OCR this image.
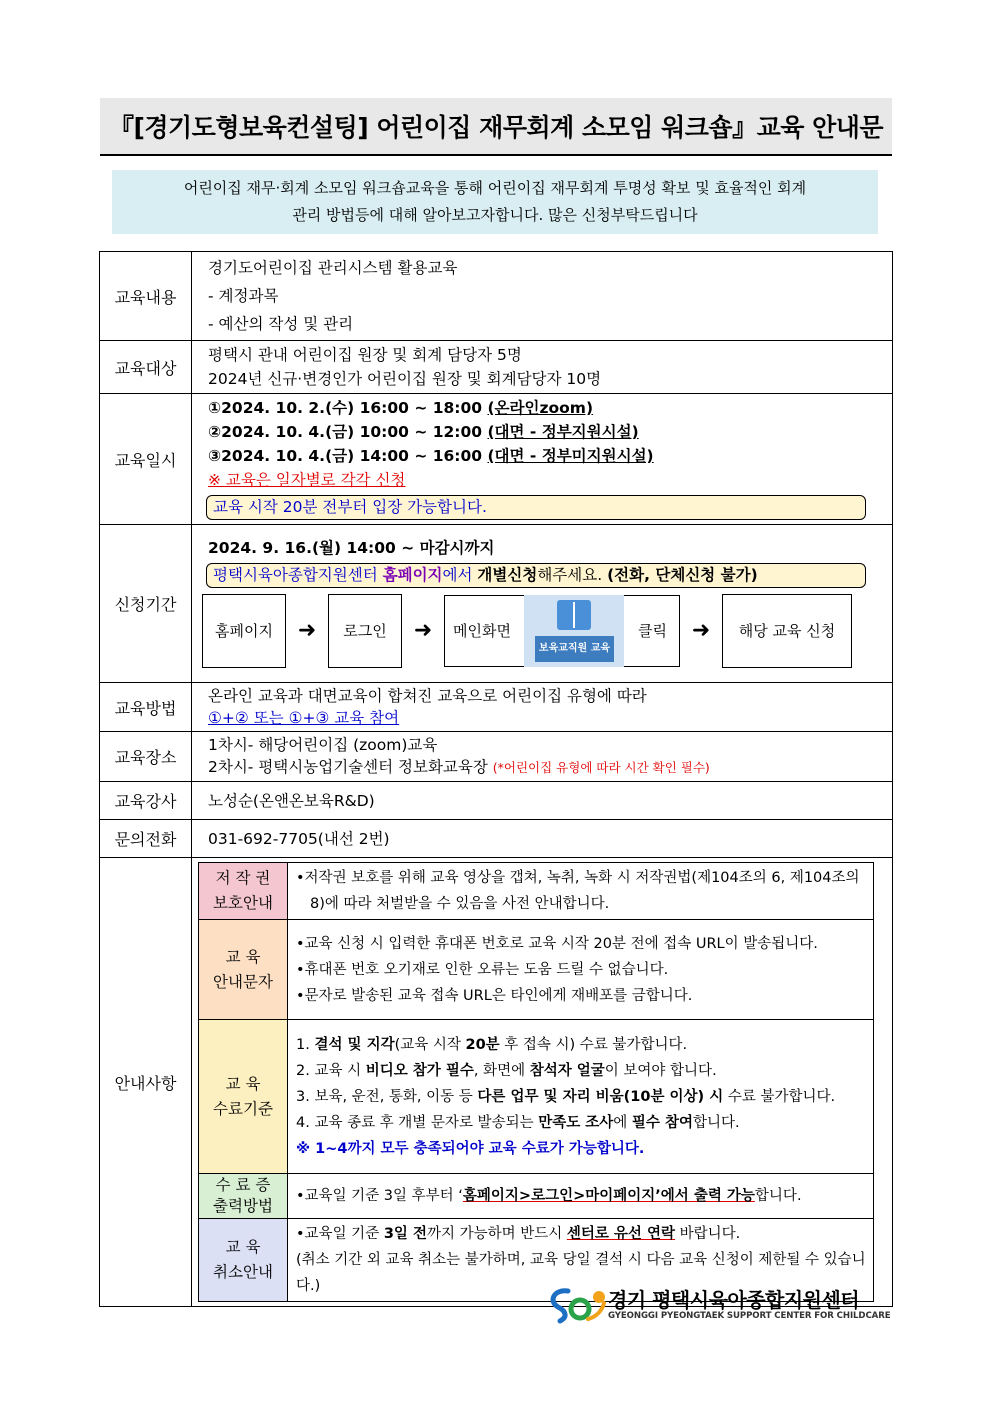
『[경기도형보육컨설팅] 어린이집 재무회계 소모임 워크숍』교육 안내문
어린이집 재무·회계 소모임 워크숍교육을 통해 어린이집 재무회계 투명성 확보 및 효율적인 회계
관리 방법등에 대해 알아보고자합니다. 많은 신청부탁드립니다
교육내용	
경기도어린이집 관리시스템 활용교육
- 계정과목
- 예산의 작성 및 관리

교육대상	
평택시 관내 어린이집 원장 및 회계 담당자 5명
2024년 신규·변경인가 어린이집 원장 및 회계담당자 10명

교육일시	
①2024. 10. 2.(수) 16:00 ~ 18:00 (온라인zoom)
②2024. 10. 4.(금) 10:00 ~ 12:00 (대면 - 정부지원시설)
③2024. 10. 4.(금) 14:00 ~ 16:00 (대면 - 정부미지원시설)
※ 교육은 일자별로 각각 신청
교육 시작 20분 전부터 입장 가능합니다.

신청기간	
2024. 9. 16.(월) 14:00 ~ 마감시까지
평택시육아종합지원센터 홈페이지에서 개별신청해주세요. (전화, 단체신청 불가)
홈페이지	➜	로그인	➜	메인화면
보육교직원 교육
클릭	➜	해당 교육 신청

교육방법	
온라인 교육과 대면교육이 합쳐진 교육으로 어린이집 유형에 따라
①+② 또는 ①+③ 교육 참여

교육장소	
1차시- 해당어린이집 (zoom)교육
2차시- 평택시농업기술센터 정보화교육장 (*어린이집 유형에 따라 시간 확인 필수)

교육강사	노성순(온앤온보육R&D)
문의전화	031-692-7705(내선 2번)
안내사항	
저 작 권
보호안내

•저작권 보호를 위해 교육 영상을 갭쳐, 녹취, 녹화 시 저작권법(제104조의 6, 제104조의 8)에 따라 처벌받을 수 있음을 사전 안내합니다.

교 육
안내문자

•교육 신청 시 입력한 휴대폰 번호로 교육 시작 20분 전에 접속 URL이 발송됩니다.
•휴대폰 번호 오기재로 인한 오류는 도움 드릴 수 없습니다.
•문자로 발송된 교육 접속 URL은 타인에게 재배포를 금합니다.

교 육
수료기준

1. 결석 및 지각(교육 시작 20분 후 접속 시) 수료 불가합니다.
2. 교육 시 비디오 참가 필수, 화면에 참석자 얼굴이 보여야 합니다.
3. 보육, 운전, 통화, 이동 등 다른 업무 및 자리 비움(10분 이상) 시 수료 불가합니다.
4. 교육 종료 후 개별 문자로 발송되는 만족도 조사에 필수 참여합니다.
※ 1~4까지 모두 충족되어야 교육 수료가 가능합니다.

수 료 증
출력방법
	•교육일 기준 3일 후부터 ‘홈페이지>로그인>마이페이지’에서 출력 가능합니다.

교 육
취소안내

•교육일 기준 3일 전까지 가능하며 반드시 센터로 유선 연락 바랍니다.
(취소 기간 외 교육 취소는 불가하며, 교육 당일 결석 시 다음 교육 신청이 제한될 수 있습니다.)
경기 평택시육아종합지원센터
GYEONGGI PYEONGTAEK SUPPORT CENTER FOR CHILDCARE
